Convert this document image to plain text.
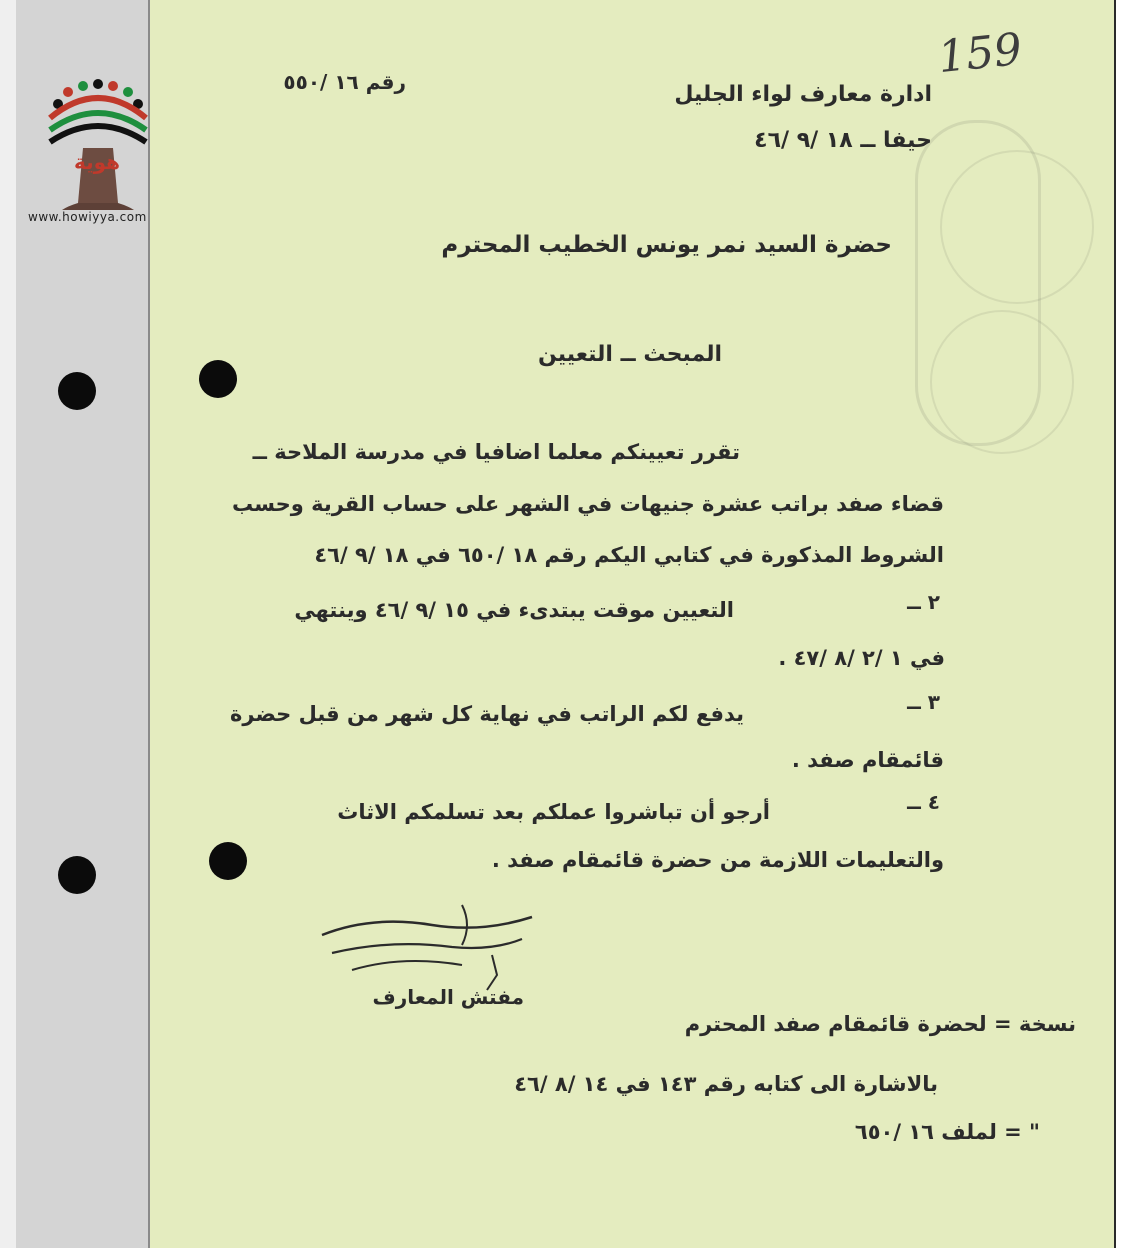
هوية
www.howiyya.com
159
رقم ١٦ /٥٥٠	ادارة معارف لواء الجليل
حيفا ــ ١٨ /٩ /٤٦
حضرة السيد نمر يونس الخطيب المحترم
المبحث ــ التعيين
تقرر تعيينكم معلما اضافيا في مدرسة الملاحة ــ
قضاء صفد براتب عشرة جنيهات في الشهر على حساب القرية وحسب
الشروط المذكورة في كتابي اليكم رقم ١٨ /٦٥٠ في ١٨ /٩ /٤٦
٢ ــ
التعيين موقت يبتدىء في ١٥ /٩ /٤٦ وينتهي
في ١ /٢ /٨ /٤٧ .
٣ ــ
يدفع لكم الراتب في نهاية كل شهر من قبل حضرة
قائمقام صفد .
٤ ــ
أرجو أن تباشروا عملكم بعد تسلمكم الاثاث
والتعليمات اللازمة من حضرة قائمقام صفد .
مفتش المعارف
نسخة = لحضرة قائمقام صفد المحترم
بالاشارة الى كتابه رقم ١٤٣ في ١٤ /٨ /٤٦
" = لملف ١٦ /٦٥٠
